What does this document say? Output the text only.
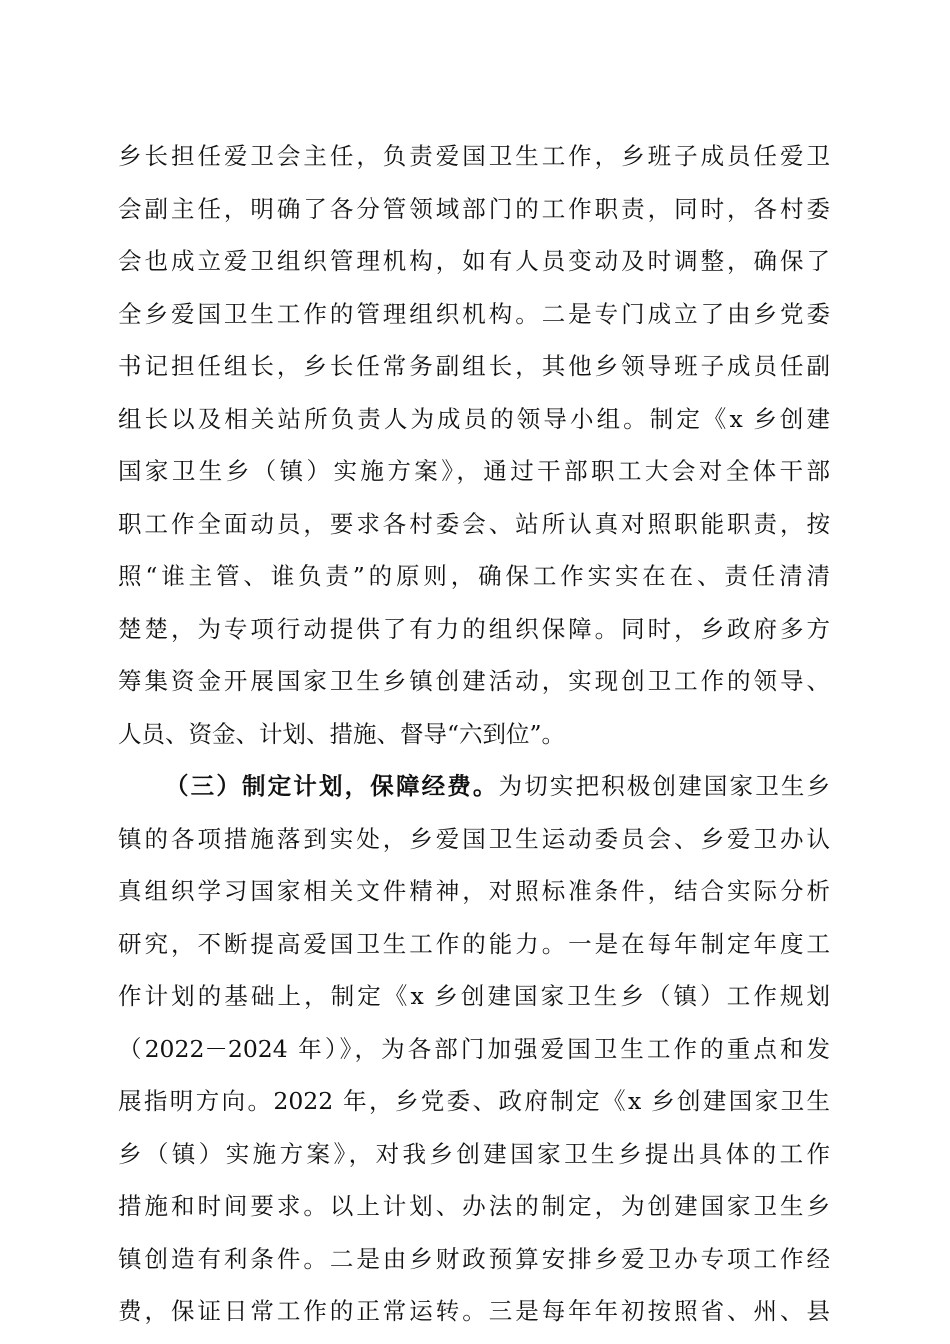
乡长担任爱卫会主任，负责爱国卫生工作，乡班子成员任爱卫
会副主任，明确了各分管领域部门的工作职责，同时，各村委
会也成立爱卫组织管理机构，如有人员变动及时调整，确保了
全乡爱国卫生工作的管理组织机构。二是专门成立了由乡党委
书记担任组长，乡长任常务副组长，其他乡领导班子成员任副
组长以及相关站所负责人为成员的领导小组。制定《x 乡创建
国家卫生乡（镇）实施方案》，通过干部职工大会对全体干部
职工作全面动员，要求各村委会、站所认真对照职能职责，按
照“谁主管、谁负责”的原则，确保工作实实在在、责任清清
楚楚，为专项行动提供了有力的组织保障。同时，乡政府多方
筹集资金开展国家卫生乡镇创建活动，实现创卫工作的领导、
人员、资金、计划、措施、督导“六到位”。
（三）制定计划，保障经费。为切实把积极创建国家卫生乡
镇的各项措施落到实处，乡爱国卫生运动委员会、乡爱卫办认
真组织学习国家相关文件精神，对照标准条件，结合实际分析
研究，不断提高爱国卫生工作的能力。一是在每年制定年度工
作计划的基础上，制定《x 乡创建国家卫生乡（镇）工作规划
（2022－2024 年）》，为各部门加强爱国卫生工作的重点和发
展指明方向。2022 年，乡党委、政府制定《x 乡创建国家卫生
乡（镇）实施方案》，对我乡创建国家卫生乡提出具体的工作
措施和时间要求。以上计划、办法的制定，为创建国家卫生乡
镇创造有利条件。二是由乡财政预算安排乡爱卫办专项工作经
费，保证日常工作的正常运转。三是每年年初按照省、州、县
